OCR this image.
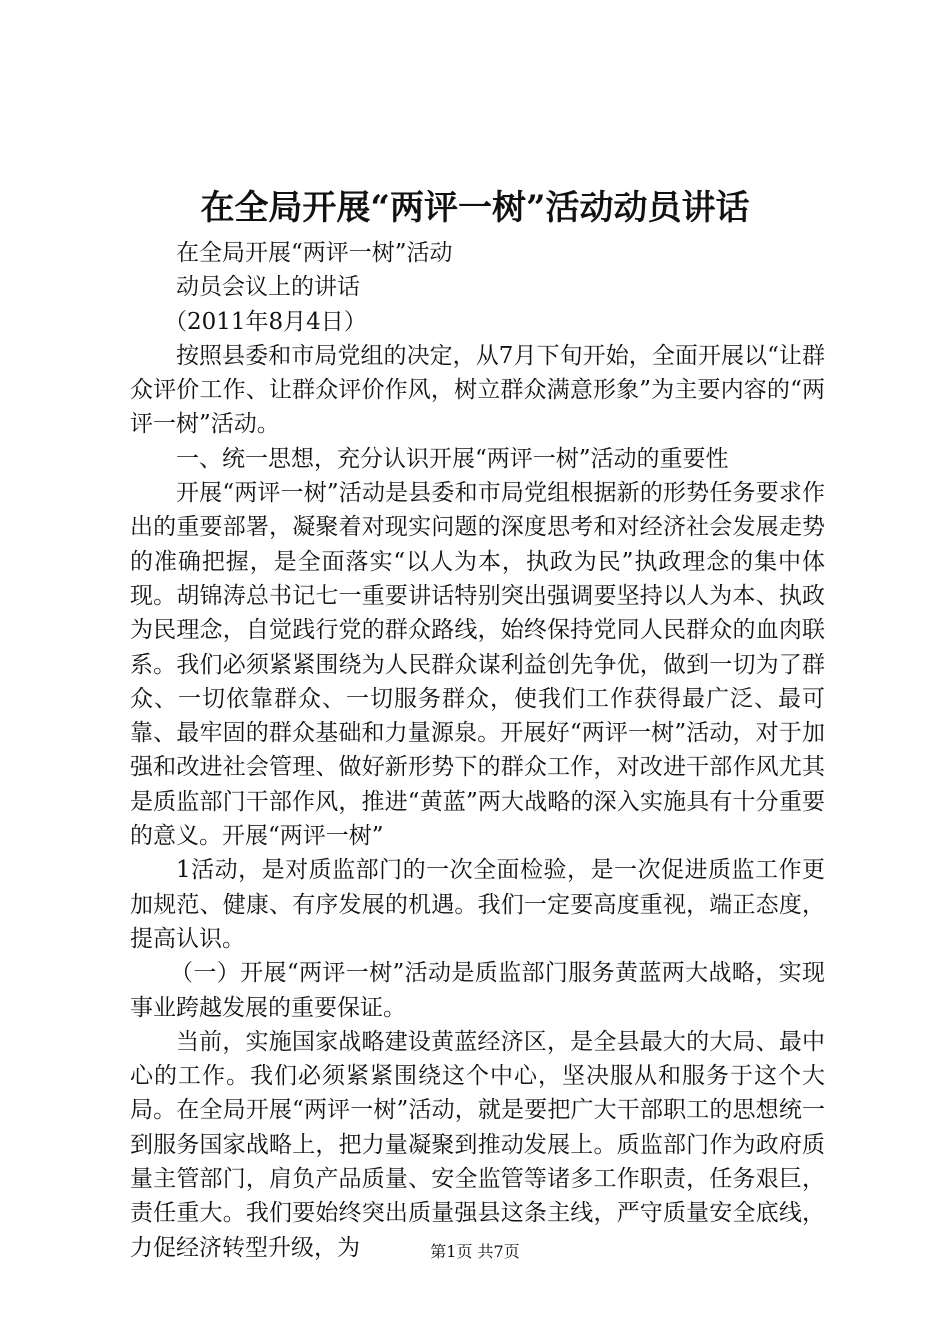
在全局开展“两评一树”活动动员讲话

在全局开展“两评一树”活动

动员会议上的讲话

（2011年8月4日）

按照县委和市局党组的决定，从7月下旬开始，全面开展以“让群众评价工作、让群众评价作风，树立群众满意形象”为主要内容的“两评一树”活动。

一、统一思想，充分认识开展“两评一树”活动的重要性

开展“两评一树”活动是县委和市局党组根据新的形势任务要求作出的重要部署，凝聚着对现实问题的深度思考和对经济社会发展走势的准确把握，是全面落实“以人为本，执政为民”执政理念的集中体现。胡锦涛总书记七一重要讲话特别突出强调要坚持以人为本、执政为民理念，自觉践行党的群众路线，始终保持党同人民群众的血肉联系。我们必须紧紧围绕为人民群众谋利益创先争优，做到一切为了群众、一切依靠群众、一切服务群众，使我们工作获得最广泛、最可靠、最牢固的群众基础和力量源泉。开展好“两评一树”活动，对于加强和改进社会管理、做好新形势下的群众工作，对改进干部作风尤其是质监部门干部作风，推进“黄蓝”两大战略的深入实施具有十分重要的意义。开展“两评一树”

1活动，是对质监部门的一次全面检验，是一次促进质监工作更加规范、健康、有序发展的机遇。我们一定要高度重视，端正态度，提高认识。

（一）开展“两评一树”活动是质监部门服务黄蓝两大战略，实现事业跨越发展的重要保证。

当前，实施国家战略建设黄蓝经济区，是全县最大的大局、最中心的工作。我们必须紧紧围绕这个中心，坚决服从和服务于这个大局。在全局开展“两评一树”活动，就是要把广大干部职工的思想统一到服务国家战略上，把力量凝聚到推动发展上。质监部门作为政府质量主管部门，肩负产品质量、安全监管等诸多工作职责，任务艰巨，责任重大。我们要始终突出质量强县这条主线，严守质量安全底线，力促经济转型升级，为	第1页 共7页
